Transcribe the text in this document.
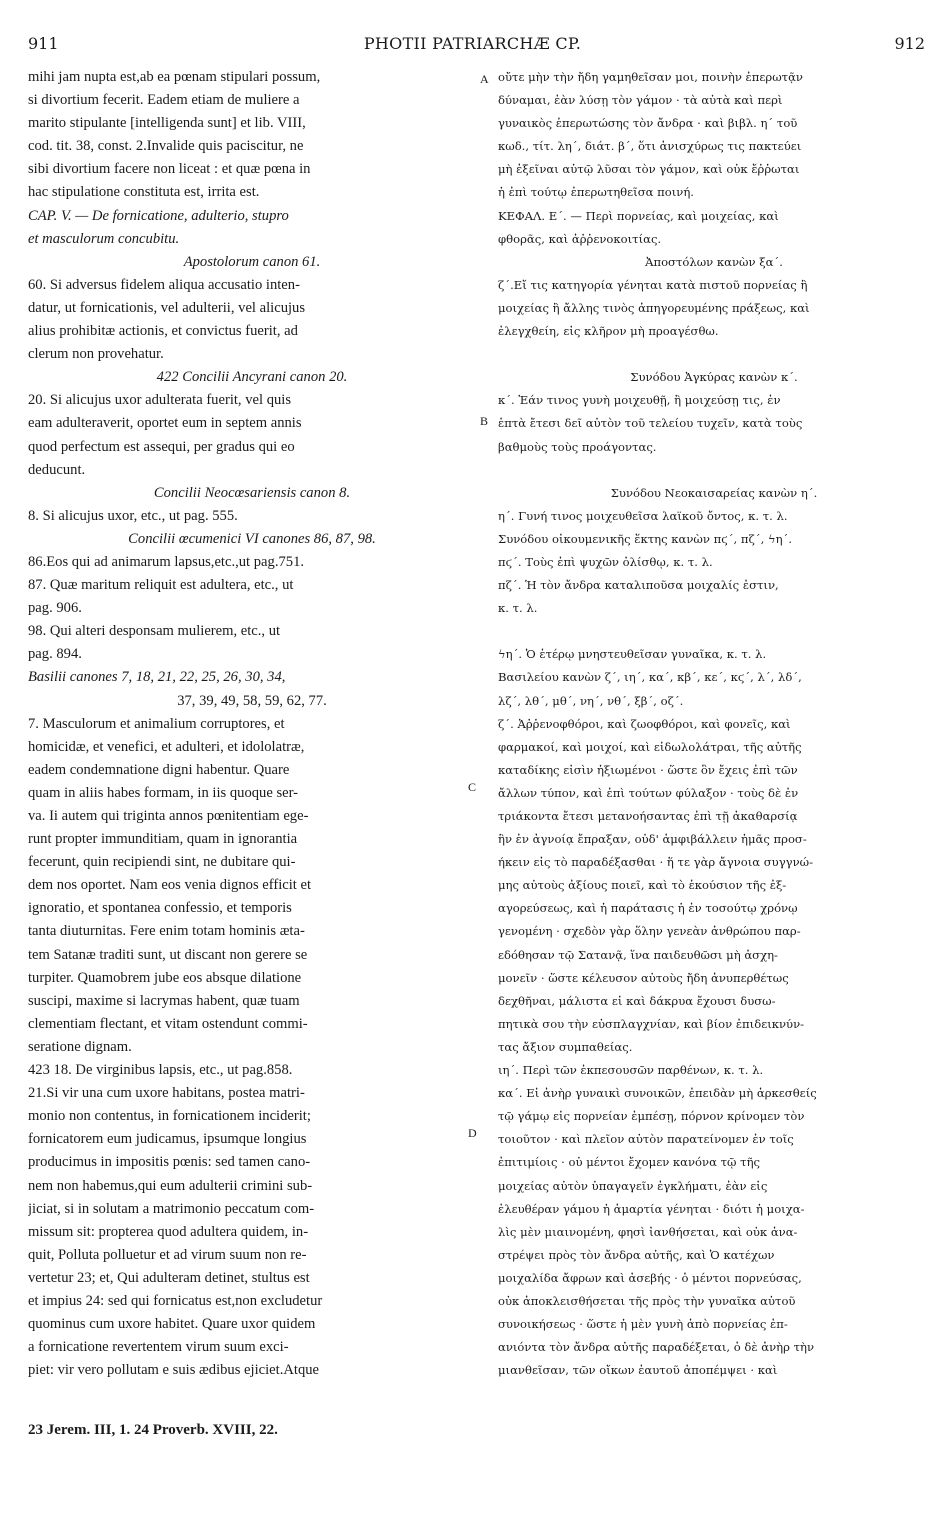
911	PHOTII PATRIARCHÆ CP.	912
mihi jam nupta est,ab ea pœnam stipulari possum,
si divortium fecerit. Eadem etiam de muliere a
marito stipulante [intelligenda sunt] et lib. VIII,
cod. tit. 38, const. 2.Invalide quis paciscitur, ne
sibi divortium facere non liceat : et quæ pœna in
hac stipulatione constituta est, irrita est.
CAP. V. — De fornicatione, adulterio, stupro
et masculorum concubitu.
Apostolorum canon 61.
60. Si adversus fidelem aliqua accusatio inten-
datur, ut fornicationis, vel adulterii, vel alicujus
alius prohibitæ actionis, et convictus fuerit, ad
clerum non provehatur.
422 Concilii Ancyrani canon 20.
20. Si alicujus uxor adulterata fuerit, vel quis
eam adulteraverit, oportet eum in septem annis
quod perfectum est assequi, per gradus qui eo
deducunt.
Concilii Neocœsariensis canon 8.
8. Si alicujus uxor, etc., ut pag. 555.
Concilii œcumenici VI canones 86, 87, 98.
86.Eos qui ad animarum lapsus,etc.,ut pag.751.
87. Quæ maritum reliquit est adultera, etc., ut
pag. 906.
98. Qui alteri desponsam mulierem, etc., ut
pag. 894.
Basilii canones 7, 18, 21, 22, 25, 26, 30, 34,
37, 39, 49, 58, 59, 62, 77.
7. Masculorum et animalium corruptores, et
homicidæ, et venefici, et adulteri, et idololatræ,
eadem condemnatione digni habentur. Quare
quam in aliis habes formam, in iis quoque ser-
va. Ii autem qui triginta annos pœnitentiam ege-
runt propter immunditiam, quam in ignorantia
fecerunt, quin recipiendi sint, ne dubitare qui-
dem nos oportet. Nam eos venia dignos efficit et
ignoratio, et spontanea confessio, et temporis
tanta diuturnitas. Fere enim totam hominis æta-
tem Satanæ traditi sunt, ut discant non gerere se
turpiter. Quamobrem jube eos absque dilatione
suscipi, maxime si lacrymas habent, quæ tuam
clementiam flectant, et vitam ostendunt commi-
seratione dignam.
423 18. De virginibus lapsis, etc., ut pag.858.
21.Si vir una cum uxore habitans, postea matri-
monio non contentus, in fornicationem inciderit;
fornicatorem eum judicamus, ipsumque longius
producimus in impositis pœnis: sed tamen cano-
nem non habemus,qui eum adulterii crimini sub-
jiciat, si in solutam a matrimonio peccatum com-
missum sit: propterea quod adultera quidem, in-
quit, Polluta polluetur et ad virum suum non re-
vertetur 23; et, Qui adulteram detinet, stultus est
et impius 24: sed qui fornicatus est,non excludetur
quominus cum uxore habitet. Quare uxor quidem
a fornicatione revertentem virum suum exci-
piet: vir vero pollutam e suis ædibus ejiciet.Atque
οὔτε μὴν τὴν ἤδη γαμηθεῖσαν μοι, ποινὴν ἐπερωτᾷν
δύναμαι, ἐὰν λύσῃ τὸν γάμον · τὰ αὐτὰ καὶ περὶ
γυναικὸς ἐπερωτώσης τὸν ἄνδρα · καὶ βιβλ. η΄ τοῦ
κωδ., τίτ. λη΄, διάτ. β΄, ὅτι ἀνισχύρως τις πακτεύει
μὴ ἐξεῖναι αὐτῷ λῦσαι τὸν γάμον, καὶ οὐκ ἔῤῥωται
ἡ ἐπὶ τούτῳ ἐπερωτηθεῖσα ποινή.
ΚΕΦΑΛ. Ε΄. — Περὶ πορνείας, καὶ μοιχείας, καὶ
φθορᾶς, καὶ ἀῤῥενοκοιτίας.
Ἀποστόλων κανὼν ξα΄.
ζ΄.Εἴ τις κατηγορία γένηται κατὰ πιστοῦ πορνείας ἢ
μοιχείας ἢ ἄλλης τινὸς ἀπηγορευμένης πράξεως, καὶ
ἐλεγχθείη, εἰς κλῆρον μὴ προαγέσθω.
Συνόδου Ἀγκύρας κανὼν κ΄.
κ΄. Ἐάν τινος γυνὴ μοιχευθῇ, ἢ μοιχεύσῃ τις, ἐν
ἑπτὰ ἔτεσι δεῖ αὐτὸν τοῦ τελείου τυχεῖν, κατὰ τοὺς
βαθμοὺς τοὺς προάγοντας.
Συνόδου Νεοκαισαρείας κανὼν η΄.
η΄. Γυνή τινος μοιχευθεῖσα λαϊκοῦ ὄντος, κ. τ. λ.
Συνόδου οἰκουμενικῆς ἕκτης κανὼν πϛ΄, πζ΄, ϟη΄.
πϛ΄. Τοὺς ἐπὶ ψυχῶν ὀλίσθῳ, κ. τ. λ.
πζ΄. Ἡ τὸν ἄνδρα καταλιποῦσα μοιχαλίς ἐστιν,
κ. τ. λ.
ϟη΄. Ὁ ἑτέρῳ μνηστευθεῖσαν γυναῖκα, κ. τ. λ.
Βασιλείου κανὼν ζ΄, ιη΄, κα΄, κβ΄, κε΄, κϛ΄, λ΄, λδ΄,
λζ΄, λθ΄, μθ΄, νη΄, νθ΄, ξβ΄, οζ΄.
ζ΄. Ἀῤῥενοφθόροι, καὶ ζωοφθόροι, καὶ φονεῖς, καὶ
φαρμακοί, καὶ μοιχοί, καὶ εἰδωλολάτραι, τῆς αὐτῆς
καταδίκης εἰσὶν ἠξιωμένοι · ὥστε ὃν ἔχεις ἐπὶ τῶν
ἄλλων τύπον, καὶ ἐπὶ τούτων φύλαξον · τοὺς δὲ ἐν
τριάκοντα ἔτεσι μετανοήσαντας ἐπὶ τῇ ἀκαθαρσίᾳ
ἣν ἐν ἀγνοίᾳ ἔπραξαν, οὐδ' ἀμφιβάλλειν ἡμᾶς προσ-
ήκειν εἰς τὸ παραδέξασθαι · ἥ τε γὰρ ἄγνοια συγγνώ-
μης αὐτοὺς ἀξίους ποιεῖ, καὶ τὸ ἑκούσιον τῆς ἐξ-
αγορεύσεως, καὶ ἡ παράτασις ἡ ἐν τοσούτῳ χρόνῳ
γενομένη · σχεδὸν γὰρ ὅλην γενεὰν ἀνθρώπου παρ-
εδόθησαν τῷ Σατανᾷ, ἵνα παιδευθῶσι μὴ ἀσχη-
μονεῖν · ὥστε κέλευσον αὐτοὺς ἤδη ἀνυπερθέτως
δεχθῆναι, μάλιστα εἰ καὶ δάκρυα ἔχουσι δυσω-
πητικὰ σου τὴν εὐσπλαγχνίαν, καὶ βίον ἐπιδεικνύν-
τας ἄξιον συμπαθείας.
ιη΄. Περὶ τῶν ἐκπεσουσῶν παρθένων, κ. τ. λ.
κα΄. Εἰ ἀνὴρ γυναικὶ συνοικῶν, ἐπειδὰν μὴ ἀρκεσθείς
τῷ γάμῳ εἰς πορνείαν ἐμπέσῃ, πόρνον κρίνομεν τὸν
τοιοῦτον · καὶ πλεῖον αὐτὸν παρατείνομεν ἐν τοῖς
ἐπιτιμίοις · οὐ μέντοι ἔχομεν κανόνα τῷ τῆς
μοιχείας αὐτὸν ὑπαγαγεῖν ἐγκλήματι, ἐὰν εἰς
ἐλευθέραν γάμου ἡ ἁμαρτία γένηται · διότι ἡ μοιχα-
λὶς μὲν μιαινομένη, φησὶ ἰανθήσεται, καὶ οὐκ ἀνα-
στρέψει πρὸς τὸν ἄνδρα αὐτῆς, καὶ Ὁ κατέχων
μοιχαλίδα ἄφρων καὶ ἀσεβής · ὁ μέντοι πορνεύσας,
οὐκ ἀποκλεισθήσεται τῆς πρὸς τὴν γυναῖκα αὐτοῦ
συνοικήσεως · ὥστε ἡ μὲν γυνὴ ἀπὸ πορνείας ἐπ-
ανιόντα τὸν ἄνδρα αὐτῆς παραδέξεται, ὁ δὲ ἀνὴρ τὴν
μιανθεῖσαν, τῶν οἴκων ἑαυτοῦ ἀποπέμψει · καὶ
A
B
C
D
23 Jerem. III, 1. 24 Proverb. XVIII, 22.
